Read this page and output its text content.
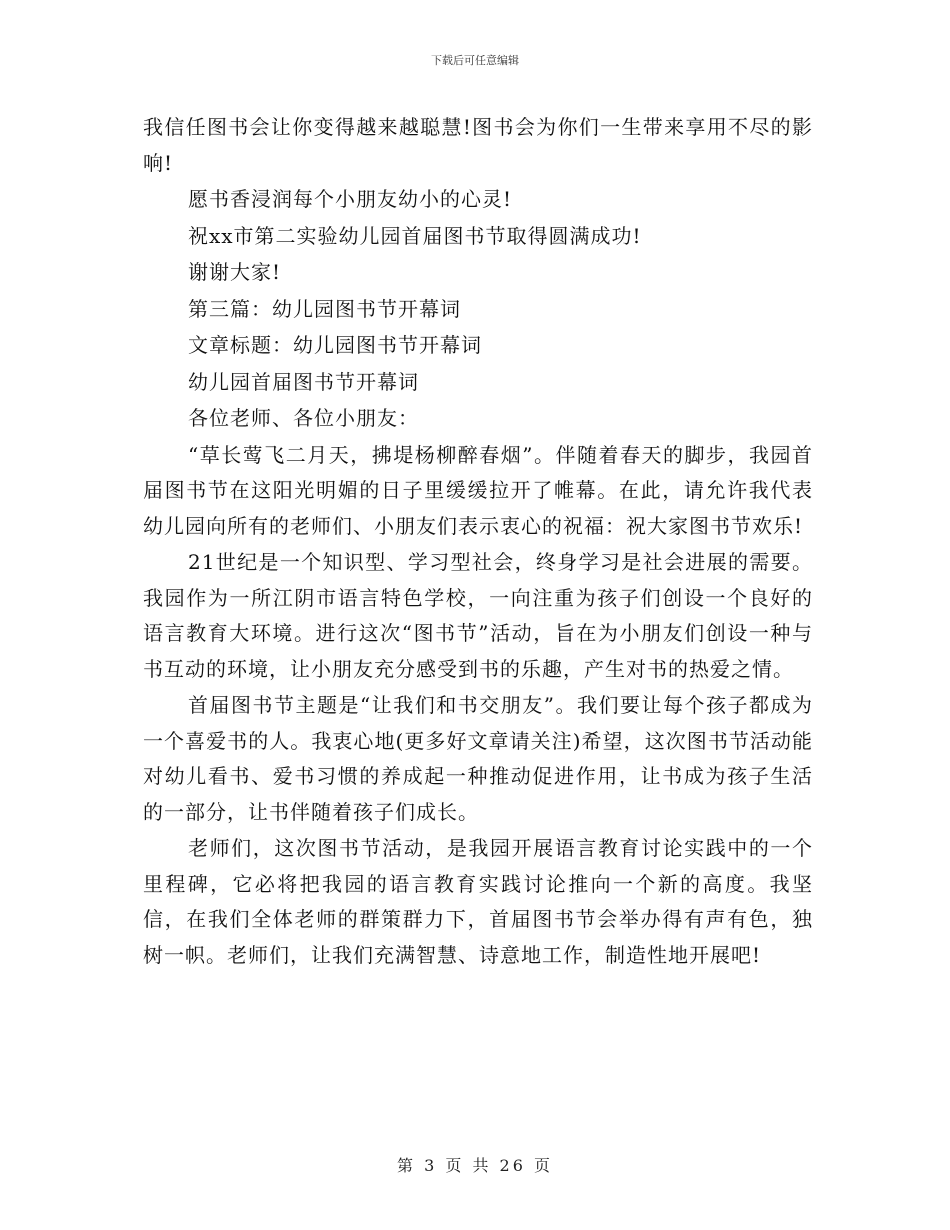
下载后可任意编辑

我信任图书会让你变得越来越聪慧!图书会为你们一生带来享用不尽的影响!

愿书香浸润每个小朋友幼小的心灵!

祝xx市第二实验幼儿园首届图书节取得圆满成功!

谢谢大家!

第三篇：幼儿园图书节开幕词

文章标题：幼儿园图书节开幕词

幼儿园首届图书节开幕词

各位老师、各位小朋友：

“草长莺飞二月天，拂堤杨柳醉春烟”。伴随着春天的脚步，我园首届图书节在这阳光明媚的日子里缓缓拉开了帷幕。在此，请允许我代表幼儿园向所有的老师们、小朋友们表示衷心的祝福：祝大家图书节欢乐!

21世纪是一个知识型、学习型社会，终身学习是社会进展的需要。我园作为一所江阴市语言特色学校，一向注重为孩子们创设一个良好的语言教育大环境。进行这次“图书节”活动，旨在为小朋友们创设一种与书互动的环境，让小朋友充分感受到书的乐趣，产生对书的热爱之情。

首届图书节主题是“让我们和书交朋友”。我们要让每个孩子都成为一个喜爱书的人。我衷心地(更多好文章请关注)希望，这次图书节活动能对幼儿看书、爱书习惯的养成起一种推动促进作用，让书成为孩子生活的一部分，让书伴随着孩子们成长。

老师们，这次图书节活动，是我园开展语言教育讨论实践中的一个里程碑，它必将把我园的语言教育实践讨论推向一个新的高度。我坚信，在我们全体老师的群策群力下，首届图书节会举办得有声有色，独树一帜。老师们，让我们充满智慧、诗意地工作，制造性地开展吧!

第 3 页 共 26 页
